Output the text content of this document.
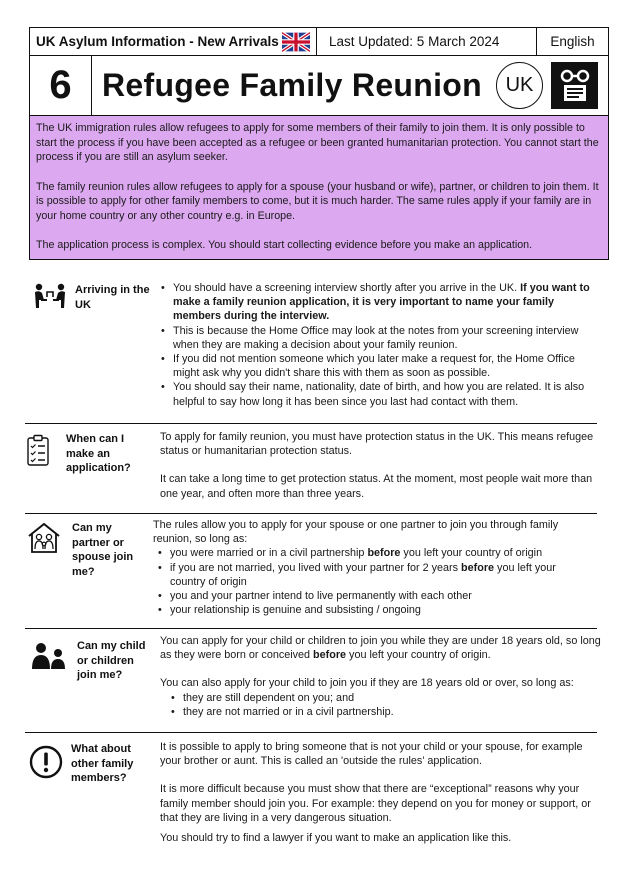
UK Asylum Information - New Arrivals	Last Updated: 5 March 2024	English
6 Refugee Family Reunion	UK

The UK immigration rules allow refugees to apply for some members of their family to join them. It is only possible to start the process if you have been accepted as a refugee or been granted humanitarian protection. You cannot start the process if you are still an asylum seeker.

The family reunion rules allow refugees to apply for a spouse (your husband or wife), partner, or children to join them. It is possible to apply for other family members to come, but it is much harder. The same rules apply if your family are in your home country or any other country e.g. in Europe.

The application process is complex. You should start collecting evidence before you make an application.

Arriving in the UK
• You should have a screening interview shortly after you arrive in the UK. If you want to make a family reunion application, it is very important to name your family members during the interview.
• This is because the Home Office may look at the notes from your screening interview when they are making a decision about your family reunion.
• If you did not mention someone which you later make a request for, the Home Office might ask why you didn't share this with them as soon as possible.
• You should say their name, nationality, date of birth, and how you are related. It is also helpful to say how long it has been since you last had contact with them.
When can I make an application?

To apply for family reunion, you must have protection status in the UK. This means refugee status or humanitarian protection status.

It can take a long time to get protection status. At the moment, most people wait more than one year, and often more than three years.

Can my partner or spouse join me?

The rules allow you to apply for your spouse or one partner to join you through family reunion, so long as:

• you were married or in a civil partnership before you left your country of origin
• if you are not married, you lived with your partner for 2 years before you left your country of origin
• you and your partner intend to live permanently with each other
• your relationship is genuine and subsisting / ongoing
Can my child or children join me?

You can apply for your child or children to join you while they are under 18 years old, so long as they were born or conceived before you left your country of origin.

You can also apply for your child to join you if they are 18 years old or over, so long as:

• they are still dependent on you; and
• they are not married or in a civil partnership.
What about other family members?

It is possible to apply to bring someone that is not your child or your spouse, for example your brother or aunt. This is called an 'outside the rules' application.

It is more difficult because you must show that there are “exceptional” reasons why your family member should join you. For example: they depend on you for money or support, or that they are living in a very dangerous situation.

You should try to find a lawyer if you want to make an application like this.
